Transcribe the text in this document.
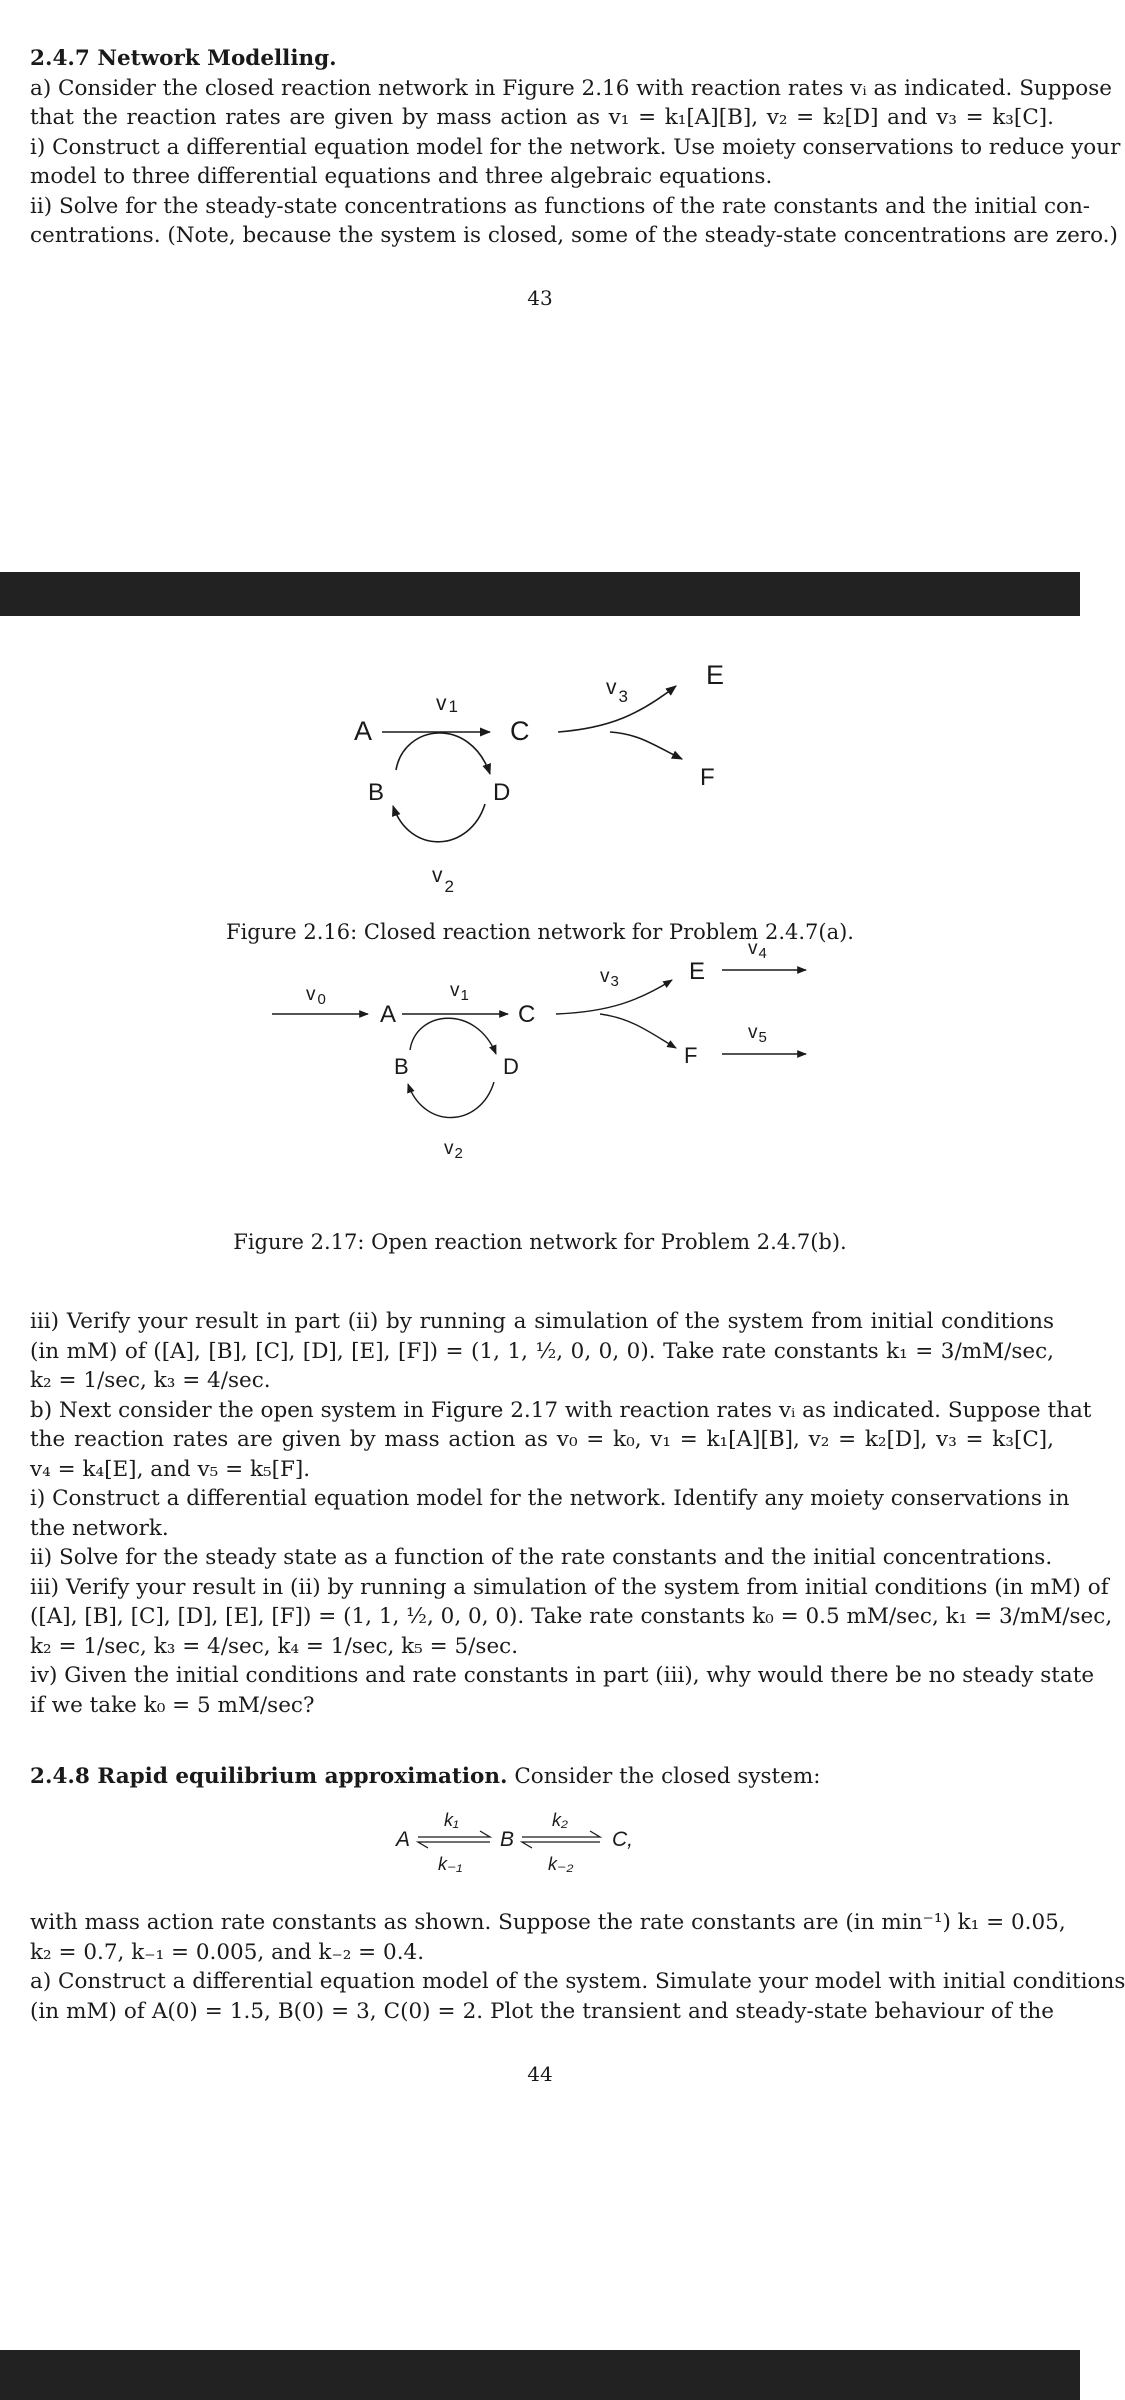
2.4.7 Network Modelling.
a) Consider the closed reaction network in Figure 2.16 with reaction rates vᵢ as indicated. Suppose
that the reaction rates are given by mass action as v₁ = k₁[A][B], v₂ = k₂[D] and v₃ = k₃[C].
i) Construct a differential equation model for the network. Use moiety conservations to reduce your
model to three differential equations and three algebraic equations.
ii) Solve for the steady-state concentrations as functions of the rate constants and the initial con-
centrations. (Note, because the system is closed, some of the steady-state concentrations are zero.)
43
A	C
B	D
E
F
v 1
v $_3$
v $_2$
Figure 2.16: Closed reaction network for Problem 2.4.7(a).
A	C
B	D
E
F
v $_0$	$v_1$
$v_3$
$v_4$
$v_5$
$v_2$
Figure 2.17: Open reaction network for Problem 2.4.7(b).
iii) Verify your result in part (ii) by running a simulation of the system from initial conditions
(in mM) of ([A], [B], [C], [D], [E], [F]) = (1, 1, ½, 0, 0, 0). Take rate constants k₁ = 3/mM/sec,
k₂ = 1/sec, k₃ = 4/sec.
b) Next consider the open system in Figure 2.17 with reaction rates vᵢ as indicated. Suppose that
the reaction rates are given by mass action as v₀ = k₀, v₁ = k₁[A][B], v₂ = k₂[D], v₃ = k₃[C],
v₄ = k₄[E], and v₅ = k₅[F].
i) Construct a differential equation model for the network. Identify any moiety conservations in
the network.
ii) Solve for the steady state as a function of the rate constants and the initial concentrations.
iii) Verify your result in (ii) by running a simulation of the system from initial conditions (in mM) of
([A], [B], [C], [D], [E], [F]) = (1, 1, ½, 0, 0, 0). Take rate constants k₀ = 0.5 mM/sec, k₁ = 3/mM/sec,
k₂ = 1/sec, k₃ = 4/sec, k₄ = 1/sec, k₅ = 5/sec.
iv) Given the initial conditions and rate constants in part (iii), why would there be no steady state
if we take k₀ = 5 mM/sec?
2.4.8 Rapid equilibrium approximation. Consider the closed system:
A	B	C,
k₁
k₋₁
k₂
k₋₂
with mass action rate constants as shown. Suppose the rate constants are (in min⁻¹) k₁ = 0.05,
k₂ = 0.7, k₋₁ = 0.005, and k₋₂ = 0.4.
a) Construct a differential equation model of the system. Simulate your model with initial conditions
(in mM) of A(0) = 1.5, B(0) = 3, C(0) = 2. Plot the transient and steady-state behaviour of the
44
